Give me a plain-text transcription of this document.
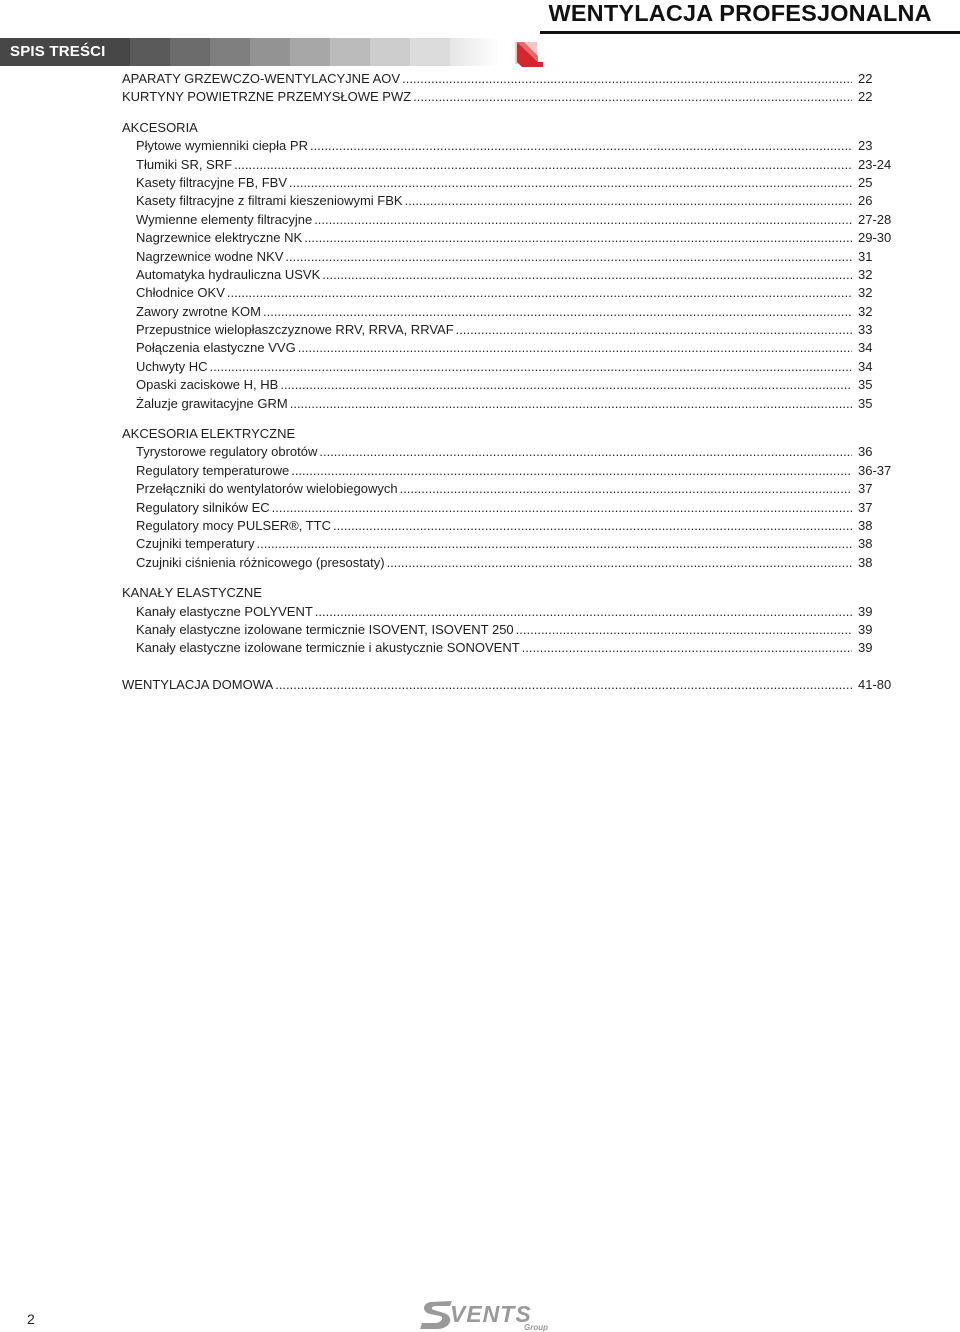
WENTYLACJA PROFESJONALNA
SPIS TREŚCI
APARATY GRZEWCZO-WENTYLACYJNE AOV .....	22
KURTYNY POWIETRZNE PRZEMYSŁOWE PWZ .....	22
AKCESORIA
Płytowe wymienniki ciepła PR .....	23
Tłumiki SR, SRF .....	23-24
Kasety filtracyjne FB, FBV .....	25
Kasety filtracyjne z filtrami kieszeniowymi FBK .....	26
Wymienne elementy filtracyjne .....	27-28
Nagrzewnice elektryczne NK .....	29-30
Nagrzewnice wodne NKV .....	31
Automatyka hydrauliczna USVK .....	32
Chłodnice OKV .....	32
Zawory zwrotne KOM .....	32
Przepustnice wielopłaszczyznowe RRV, RRVA, RRVAF .....	33
Połączenia elastyczne VVG .....	34
Uchwyty HC .....	34
Opaski zaciskowe H, HB .....	35
Żaluzje grawitacyjne GRM .....	35
AKCESORIA ELEKTRYCZNE
Tyrystorowe regulatory obrotów .....	36
Regulatory temperaturowe .....	36-37
Przełączniki do wentylatorów wielobiegowych .....	37
Regulatory silników EC .....	37
Regulatory mocy PULSER®, TTC .....	38
Czujniki temperatury .....	38
Czujniki ciśnienia różnicowego (presostaty) .....	38
KANAŁY ELASTYCZNE
Kanały elastyczne POLYVENT .....	39
Kanały elastyczne izolowane termicznie ISOVENT, ISOVENT 250 .....	39
Kanały elastyczne izolowane termicznie i akustycznie SONOVENT .....	39
WENTYLACJA DOMOWA .....	41-80
2	VENTS
Group
